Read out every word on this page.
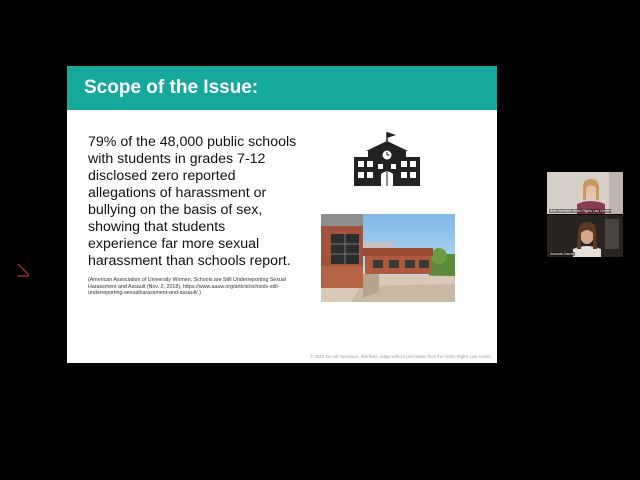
Scope of the Issue:
79% of the 48,000 public schools with students in grades 7-12 disclosed zero reported allegations of harassment or bullying on the basis of sex, showing that students experience far more sexual harassment than schools report.
(American Association of University Women, Schools are Still Underreporting Sexual Harassment and Assault (Nov. 2, 2018), https://www.aauw.org/article/schools-still-underreporting-sexualharassment-and-assault/.)
© 2022. Do not reproduce, distribute, adapt without permission from the Victim Rights Law Center.
Beth Hamilton Victim Rights Law Center
Amanda Garcia
